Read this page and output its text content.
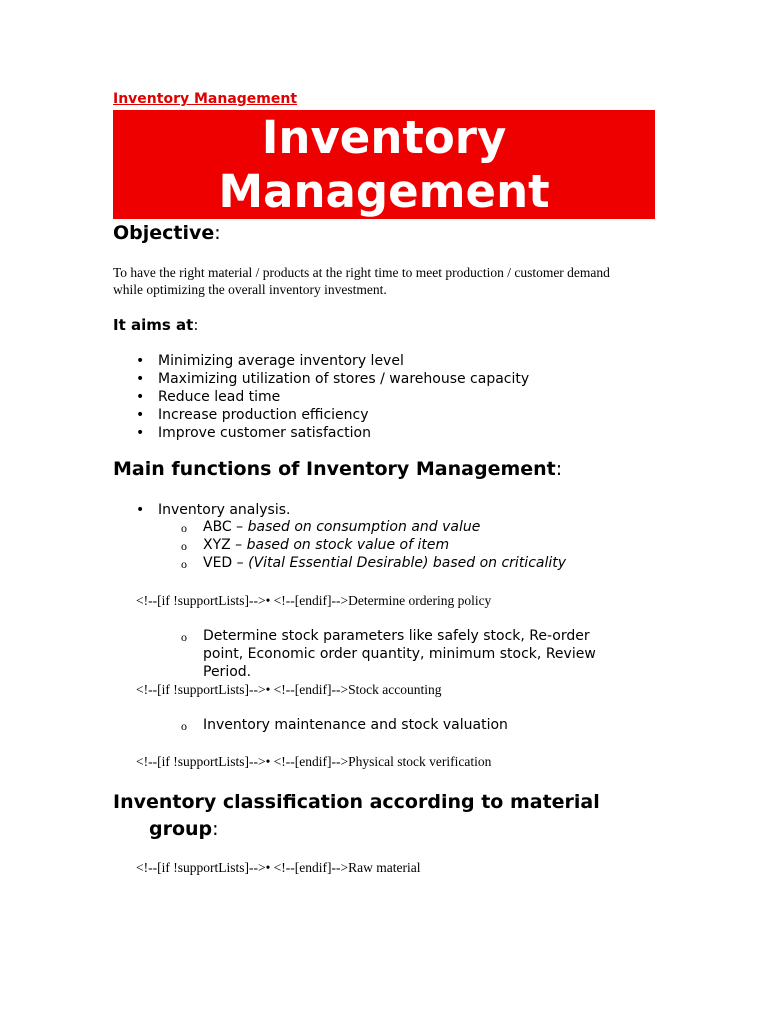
Inventory Management
Inventory
Management
Objective:
To have the right material / products at the right time to meet production / customer demand while optimizing the overall inventory investment.
It aims at:
• Minimizing average inventory level
• Maximizing utilization of stores / warehouse capacity
• Reduce lead time
• Increase production efficiency
• Improve customer satisfaction
Main functions of Inventory Management:
• Inventory analysis.
o ABC – based on consumption and value
o XYZ – based on stock value of item
o VED – (Vital Essential Desirable) based on criticality
<!--[if !supportLists]-->• <!--[endif]-->Determine ordering policy
o Determine stock parameters like safely stock, Re-order point, Economic order quantity, minimum stock, Review Period.
<!--[if !supportLists]-->• <!--[endif]-->Stock accounting
o Inventory maintenance and stock valuation
<!--[if !supportLists]-->• <!--[endif]-->Physical stock verification
Inventory classification according to material
group:
<!--[if !supportLists]-->• <!--[endif]-->Raw material
